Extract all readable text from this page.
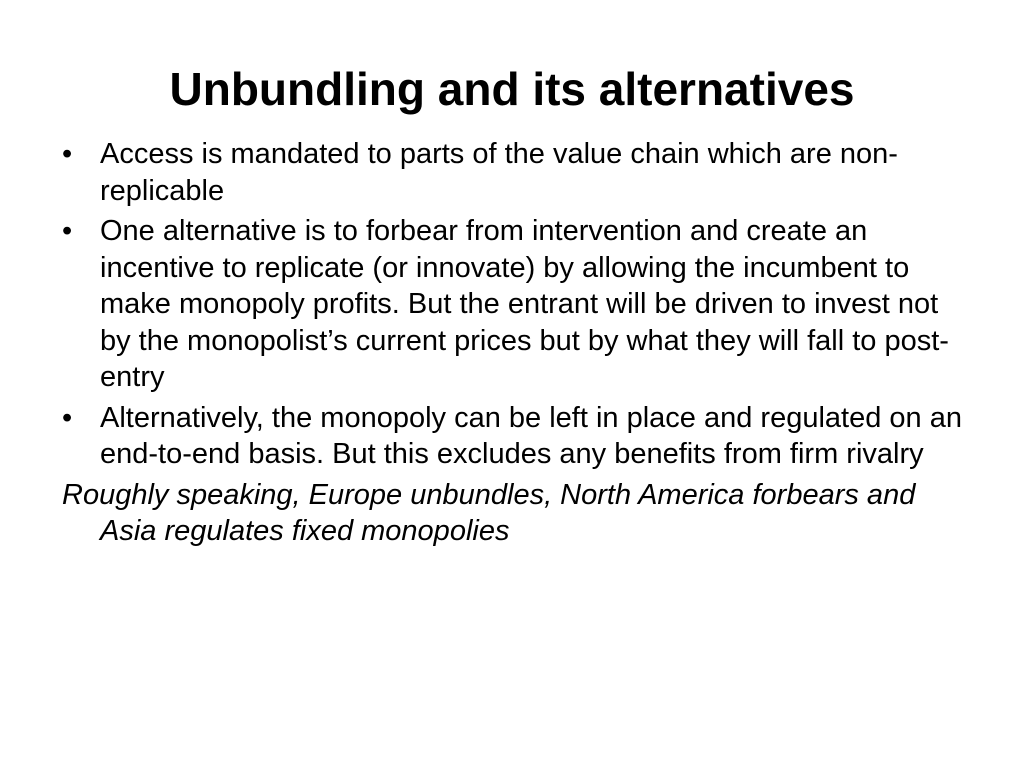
Unbundling and its alternatives
• Access is mandated to parts of the value chain which are non-replicable
• One alternative is to forbear from intervention and create an incentive to replicate (or innovate) by allowing the incumbent to make monopoly profits. But the entrant will be driven to invest not by the monopolist’s current prices but by what they will fall to post-entry
• Alternatively, the monopoly can be left in place and regulated on an end-to-end basis. But this excludes any benefits from firm rivalry

Roughly speaking, Europe unbundles, North America forbears and Asia regulates fixed monopolies
